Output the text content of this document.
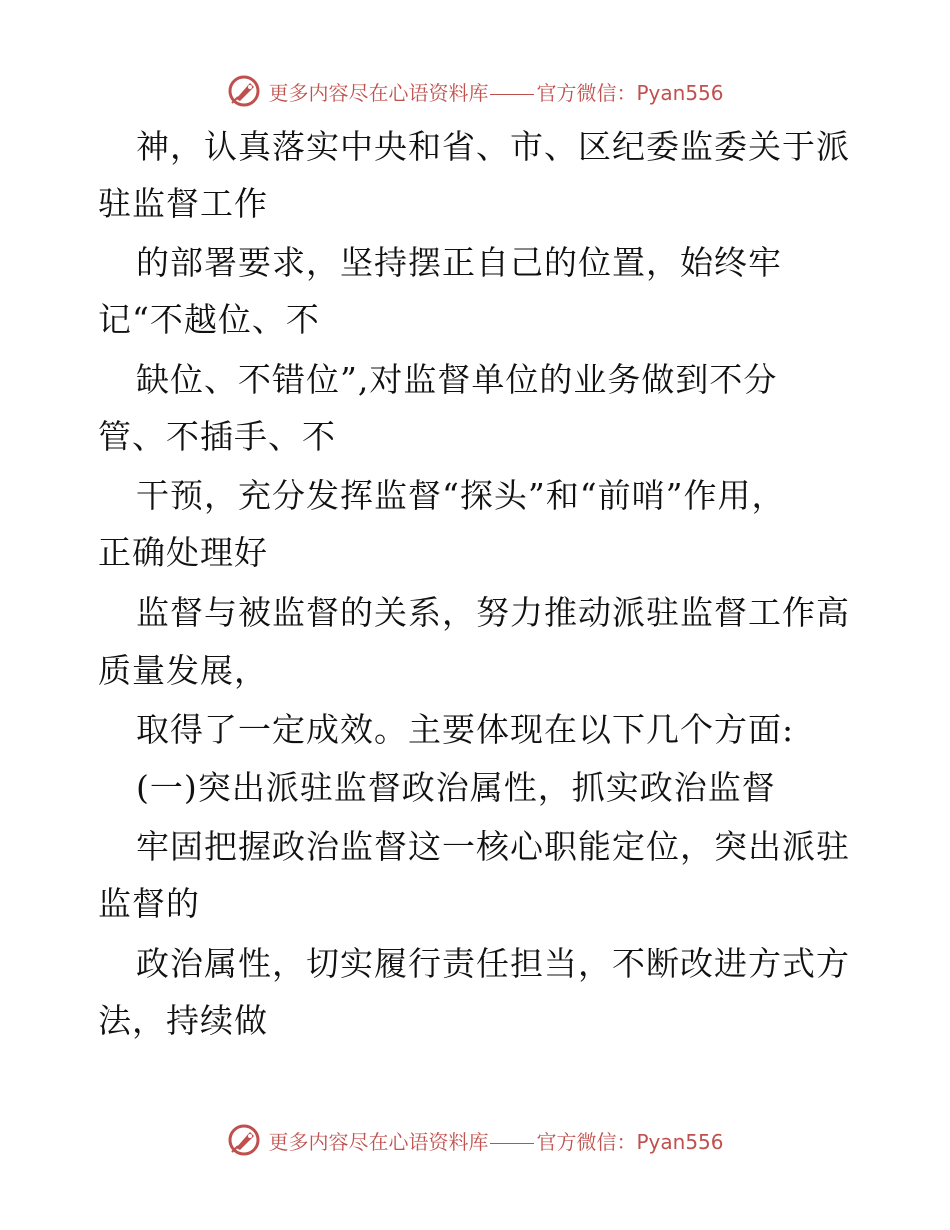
更多内容尽在心语资料库 官方微信：Pyan556
神，认真落实中央和省、市、区纪委监委关于派
驻监督工作
的部署要求，坚持摆正自己的位置，始终牢
记“不越位、不
缺位、不错位”,对监督单位的业务做到不分
管、不插手、不
干预，充分发挥监督“探头”和“前哨”作用，
正确处理好
监督与被监督的关系，努力推动派驻监督工作高
质量发展，
取得了一定成效。主要体现在以下几个方面:
(一)突出派驻监督政治属性，抓实政治监督
牢固把握政治监督这一核心职能定位，突出派驻
监督的
政治属性，切实履行责任担当，不断改进方式方
法，持续做
更多内容尽在心语资料库 官方微信：Pyan556
